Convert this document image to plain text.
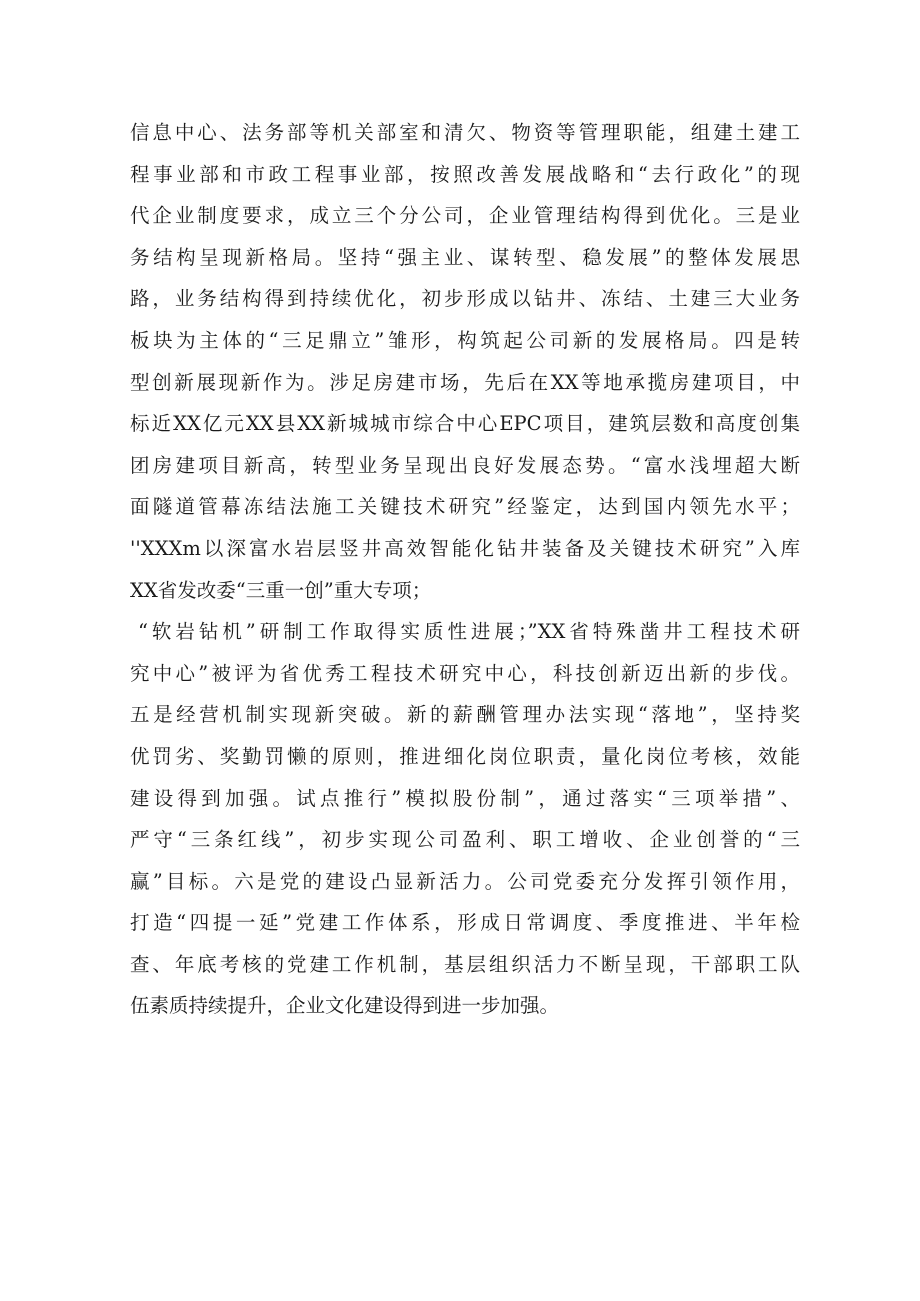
信息中心、法务部等机关部室和清欠、物资等管理职能，组建土建工
程事业部和市政工程事业部，按照改善发展战略和“去行政化”的现
代企业制度要求，成立三个分公司，企业管理结构得到优化。三是业
务结构呈现新格局。坚持“强主业、谋转型、稳发展”的整体发展思
路，业务结构得到持续优化，初步形成以钻井、冻结、土建三大业务
板块为主体的“三足鼎立”雏形，构筑起公司新的发展格局。四是转
型创新展现新作为。涉足房建市场，先后在XX等地承揽房建项目，中
标近XX亿元XX县XX新城城市综合中心EPC项目，建筑层数和高度创集
团房建项目新高，转型业务呈现出良好发展态势。“富水浅埋超大断
面隧道管幕冻结法施工关键技术研究”经鉴定，达到国内领先水平；
''XXXm以深富水岩层竖井高效智能化钻井装备及关键技术研究”入库
XX省发改委“三重一创”重大专项；
“软岩钻机”研制工作取得实质性进展；”XX省特殊凿井工程技术研
究中心”被评为省优秀工程技术研究中心，科技创新迈出新的步伐。
五是经营机制实现新突破。新的薪酬管理办法实现“落地”，坚持奖
优罚劣、奖勤罚懒的原则，推进细化岗位职责，量化岗位考核，效能
建设得到加强。试点推行”模拟股份制”，通过落实“三项举措”、
严守“三条红线”，初步实现公司盈利、职工增收、企业创誉的“三
赢”目标。六是党的建设凸显新活力。公司党委充分发挥引领作用，
打造“四提一延”党建工作体系，形成日常调度、季度推进、半年检
查、年底考核的党建工作机制，基层组织活力不断呈现，干部职工队
伍素质持续提升，企业文化建设得到进一步加强。
